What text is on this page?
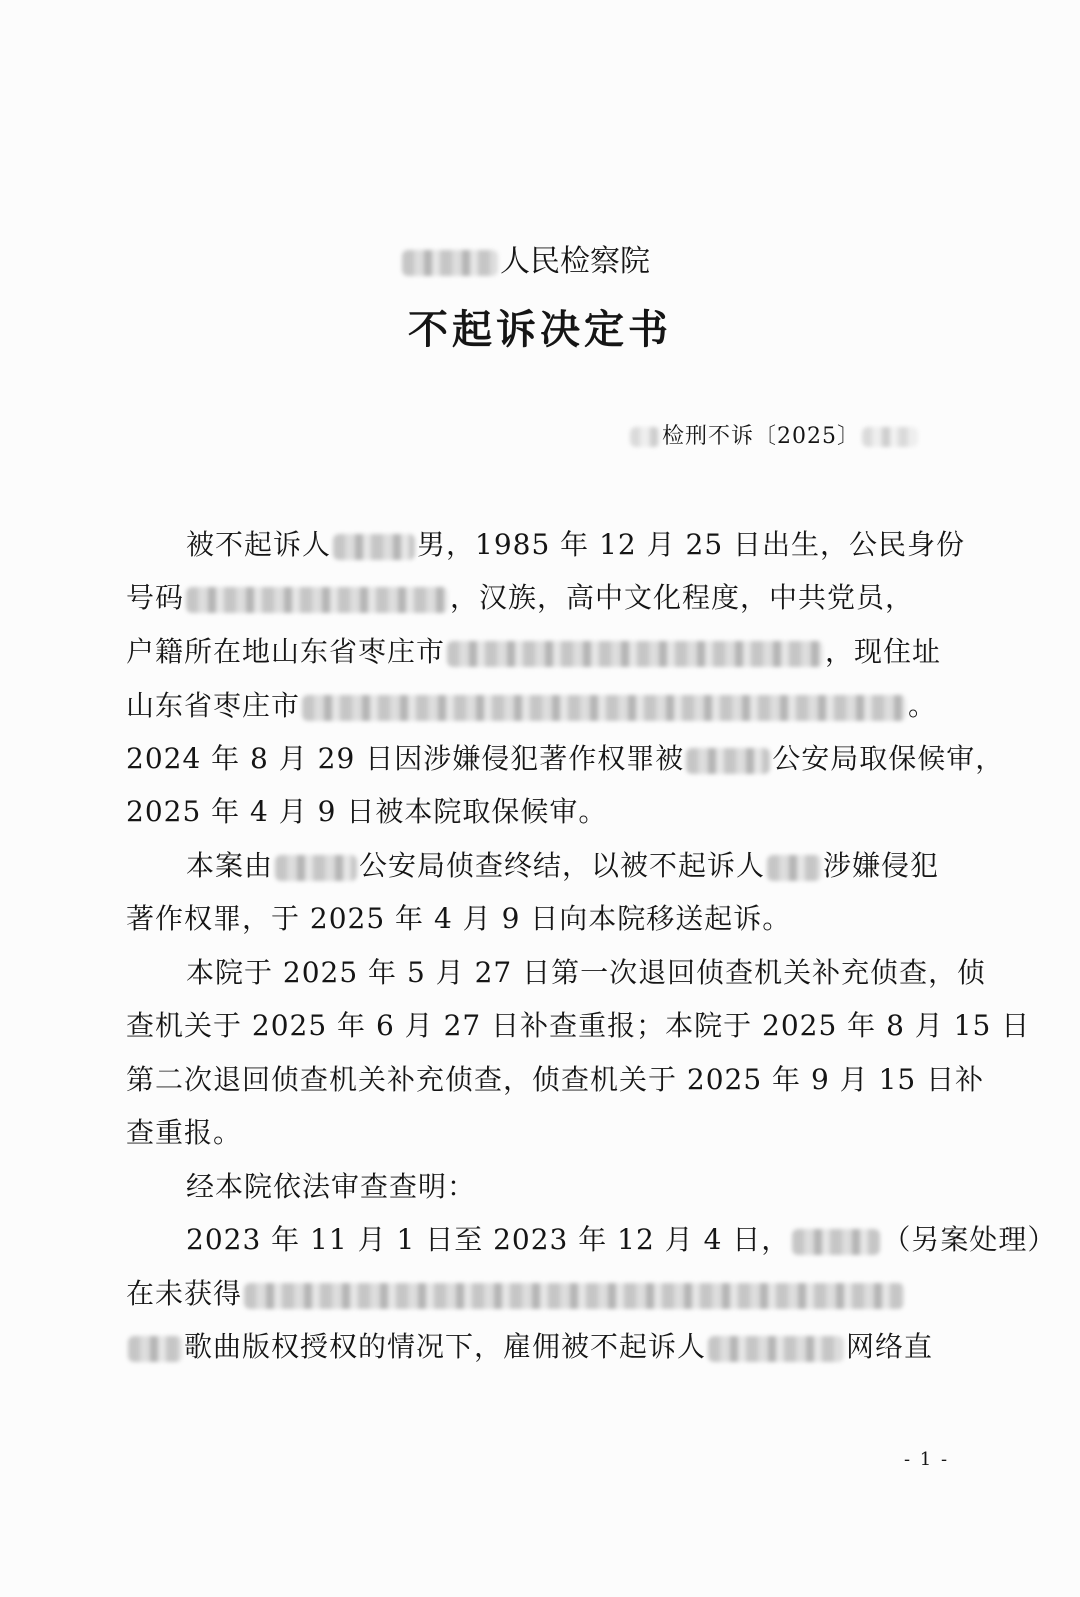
人民检察院
不起诉决定书
检刑不诉〔2025〕
被不起诉人	男，1985 年 12 月 25 日出生，公民身份
号码	，汉族，高中文化程度，中共党员，
户籍所在地山东省枣庄市	，现住址
山东省枣庄市	。
2024 年 8 月 29 日因涉嫌侵犯著作权罪被	公安局取保候审，
2025 年 4 月 9 日被本院取保候审。
本案由	公安局侦查终结，以被不起诉人 涉嫌侵犯
著作权罪，于 2025 年 4 月 9 日向本院移送起诉。
本院于 2025 年 5 月 27 日第一次退回侦查机关补充侦查，侦
查机关于 2025 年 6 月 27 日补查重报；本院于 2025 年 8 月 15 日
第二次退回侦查机关补充侦查，侦查机关于 2025 年 9 月 15 日补
查重报。
经本院依法审查查明：
2023 年 11 月 1 日至 2023 年 12 月 4 日，	（另案处理）
在未获得
歌曲版权授权的情况下，雇佣被不起诉人	网络直
- 1 -
